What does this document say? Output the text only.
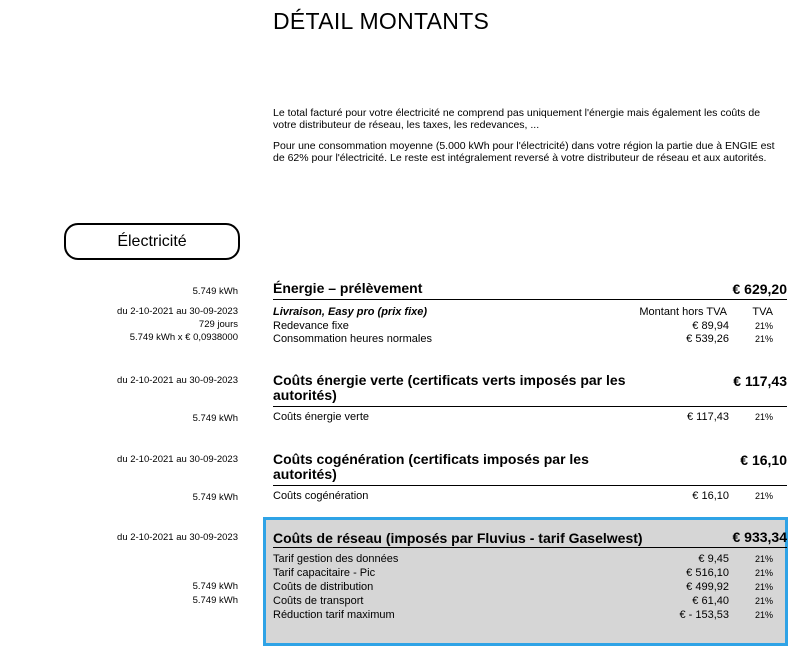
DÉTAIL MONTANTS
Le total facturé pour votre électricité ne comprend pas uniquement l'énergie mais également les coûts de votre distributeur de réseau, les taxes, les redevances, ...
Pour une consommation moyenne (5.000 kWh pour l'électricité) dans votre région la partie due à ENGIE est de 62% pour l'électricité. Le reste est intégralement reversé à votre distributeur de réseau et aux autorités.
Électricité
5.749 kWh	Énergie – prélèvement	€ 629,20
du 2-10-2021 au 30-09-2023
729 jours
5.749 kWh x € 0,0938000
Livraison, Easy pro (prix fixe)	Montant hors TVA TVA
Redevance fixe	€ 89,94	21%
Consommation heures normales	€ 539,26	21%
du 2-10-2021 au 30-09-2023	Coûts énergie verte (certificats verts imposés par les autorités)
€ 117,43
5.749 kWh	Coûts énergie verte	€ 117,43	21%
du 2-10-2021 au 30-09-2023	Coûts cogénération (certificats imposés par les autorités)
€ 16,10
5.749 kWh	Coûts cogénération	€ 16,10	21%
du 2-10-2021 au 30-09-2023	Coûts de réseau (imposés par Fluvius - tarif Gaselwest)	€ 933,34
Tarif gestion des données	€ 9,45	21%
Tarif capacitaire - Pic	€ 516,10	21%
5.749 kWh	Coûts de distribution	€ 499,92	21%
5.749 kWh	Coûts de transport	€ 61,40	21%
Réduction tarif maximum	€ - 153,53	21%
